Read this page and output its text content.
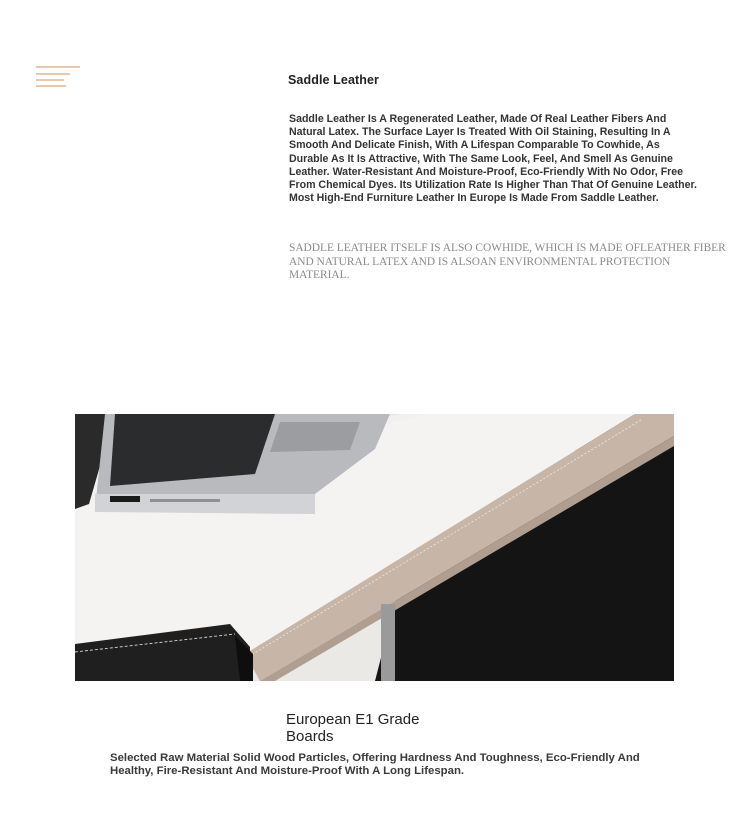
Saddle Leather
Saddle Leather Is A Regenerated Leather, Made Of Real Leather Fibers And Natural Latex. The Surface Layer Is Treated With Oil Staining, Resulting In A Smooth And Delicate Finish, With A Lifespan Comparable To Cowhide, As Durable As It Is Attractive, With The Same Look, Feel, And Smell As Genuine Leather. Water-Resistant And Moisture-Proof, Eco-Friendly With No Odor, Free From Chemical Dyes. Its Utilization Rate Is Higher Than That Of Genuine Leather. Most High-End Furniture Leather In Europe Is Made From Saddle Leather.
SADDLE LEATHER ITSELF IS ALSO COWHIDE, WHICH IS MADE OFLEATHER FIBER AND NATURAL LATEX AND IS ALSOAN ENVIRONMENTAL PROTECTION MATERIAL.
European E1 Grade Boards
Selected Raw Material Solid Wood Particles, Offering Hardness And Toughness, Eco-Friendly And Healthy, Fire-Resistant And Moisture-Proof With A Long Lifespan.
